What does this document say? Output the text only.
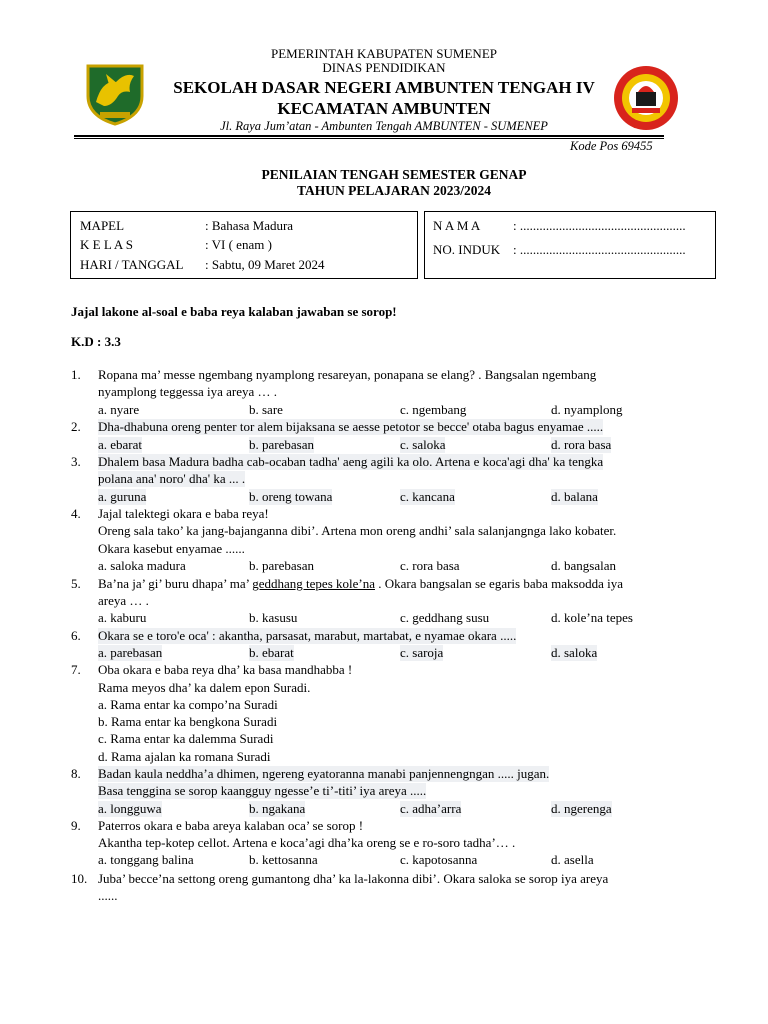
PEMERINTAH KABUPATEN SUMENEP
DINAS PENDIDIKAN
SEKOLAH DASAR NEGERI AMBUNTEN TENGAH IV
KECAMATAN AMBUNTEN
Jl. Raya Jum’atan - Ambunten Tengah AMBUNTEN - SUMENEP
Kode Pos 69455
PENILAIAN TENGAH SEMESTER GENAP
TAHUN PELAJARAN 2023/2024
MAPEL	: Bahasa Madura
K E L A S	: VI ( enam )
HARI / TANGGAL : Sabtu, 09 Maret 2024
N A M A	: ...................................................
NO. INDUK : ...................................................
Jajal lakone al-soal e baba reya kalaban jawaban se sorop!
K.D : 3.3
1. Ropana ma’ messe ngembang nyamplong resareyan, ponapana se elang? . Bangsalan ngembang
nyamplong teggessa iya areya … .
a. nyare	b. sare	c. ngembang	d. nyamplong
2. Dha-dhabuna oreng penter tor alem bijaksana se aesse petotor se becce' otaba bagus enyamae .....
a. ebarat	b. parebasan	c. saloka	d. rora basa
3. Dhalem basa Madura badha cab-ocaban tadha' aeng agili ka olo. Artena e koca'agi dha' ka tengka
polana ana' noro' dha' ka ... .
a. guruna	b. oreng towana	c. kancana	d. balana
4. Jajal talektegi okara e baba reya!
Oreng sala tako’ ka jang-bajanganna dibi’. Artena mon oreng andhi’ sala salanjangnga lako kobater.
Okara kasebut enyamae ......
a. saloka madura	b. parebasan	c. rora basa	d. bangsalan
5. Ba’na ja’ gi’ buru dhapa’ ma’ geddhang tepes kole’na . Okara bangsalan se egaris baba maksodda iya
areya … .
a. kaburu	b. kasusu	c. geddhang susu	d. kole’na tepes
6. Okara se e toro'e oca' : akantha, parsasat, marabut, martabat, e nyamae okara .....
a. parebasan	b. ebarat	c. saroja	d. saloka
7. Oba okara e baba reya dha’ ka basa mandhabba !
Rama meyos dha’ ka dalem epon Suradi.
a. Rama entar ka compo’na Suradi
b. Rama entar ka bengkona Suradi
c. Rama entar ka dalemma Suradi
d. Rama ajalan ka romana Suradi
8. Badan kaula neddha’a dhimen, ngereng eyatoranna manabi panjennengngan ..... jugan.
Basa tenggina se sorop kaangguy ngesse’e ti’-titi’ iya areya .....
a. longguwa	b. ngakana	c. adha’arra	d. ngerenga
9. Paterros okara e baba areya kalaban oca’ se sorop !
Akantha tep-kotep cellot. Artena e koca’agi dha’ka oreng se e ro-soro tadha’… .
a. tonggang balina	b. kettosanna	c. kapotosanna	d. asella
10. Juba’ becce’na settong oreng gumantong dha’ ka la-lakonna dibi’. Okara saloka se sorop iya areya
......
